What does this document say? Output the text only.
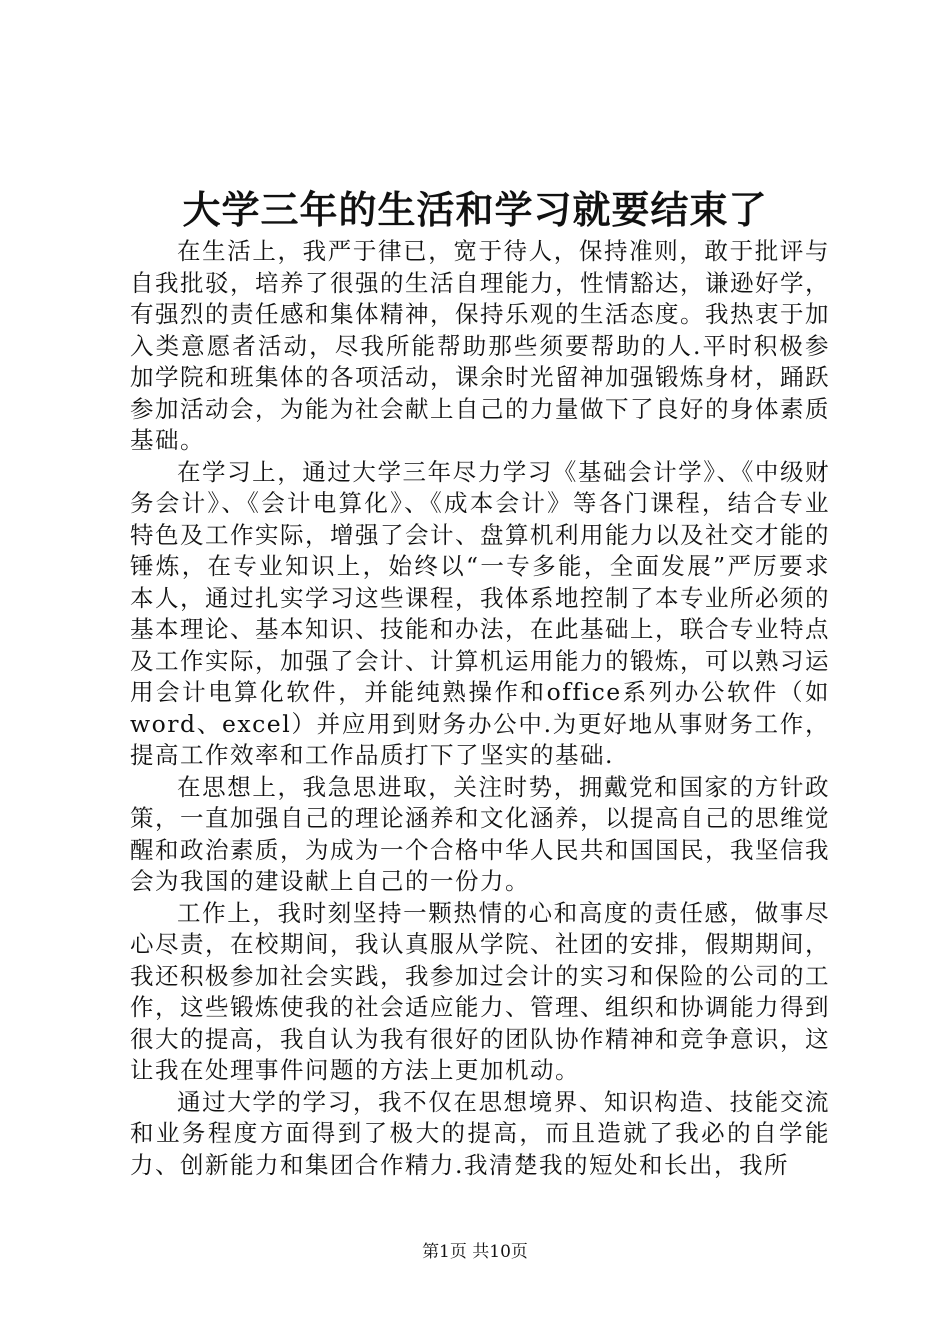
大学三年的生活和学习就要结束了

在生活上，我严于律已，宽于待人，保持准则，敢于批评与自我批驳，培养了很强的生活自理能力，性情豁达，谦逊好学，有强烈的责任感和集体精神，保持乐观的生活态度。我热衷于加入类意愿者活动，尽我所能帮助那些须要帮助的人.平时积极参加学院和班集体的各项活动，课余时光留神加强锻炼身材，踊跃参加活动会，为能为社会献上自己的力量做下了良好的身体素质基础。

在学习上，通过大学三年尽力学习《基础会计学》、《中级财务会计》、《会计电算化》、《成本会计》等各门课程，结合专业特色及工作实际，增强了会计、盘算机利用能力以及社交才能的锤炼，在专业知识上，始终以“一专多能，全面发展”严厉要求本人，通过扎实学习这些课程，我体系地控制了本专业所必须的基本理论、基本知识、技能和办法，在此基础上，联合专业特点及工作实际，加强了会计、计算机运用能力的锻炼，可以熟习运用会计电算化软件，并能纯熟操作和office系列办公软件（如word、excel）并应用到财务办公中.为更好地从事财务工作，提高工作效率和工作品质打下了坚实的基础.

在思想上，我急思进取，关注时势，拥戴党和国家的方针政策，一直加强自己的理论涵养和文化涵养，以提高自己的思维觉醒和政治素质，为成为一个合格中华人民共和国国民，我坚信我会为我国的建设献上自己的一份力。

工作上，我时刻坚持一颗热情的心和高度的责任感，做事尽心尽责，在校期间，我认真服从学院、社团的安排，假期期间，我还积极参加社会实践，我参加过会计的实习和保险的公司的工作，这些锻炼使我的社会适应能力、管理、组织和协调能力得到很大的提高，我自认为我有很好的团队协作精神和竞争意识，这让我在处理事件问题的方法上更加机动。

通过大学的学习，我不仅在思想境界、知识构造、技能交流和业务程度方面得到了极大的提高，而且造就了我必的自学能力、创新能力和集团合作精力.我清楚我的短处和长出，我所

第1页 共10页
